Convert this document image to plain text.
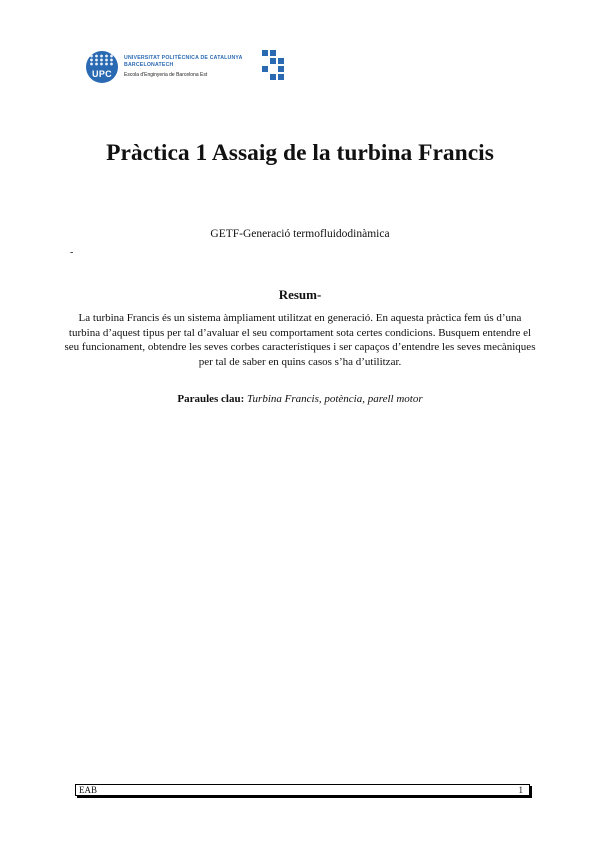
UPC
UNIVERSITAT POLITÈCNICA DE CATALUNYA
BARCELONATECH
Escola d'Enginyeria de Barcelona Est
Pràctica 1 Assaig de la turbina Francis
GETF-Generació termofluidodinàmica
-
Resum-
La turbina Francis és un sistema àmpliament utilitzat en generació. En aquesta pràctica fem ús d’una turbina d’aquest tipus per tal d’avaluar el seu comportament sota certes condicions. Busquem entendre el seu funcionament, obtendre les seves corbes característiques i ser capaços d’entendre les seves mecàniques per tal de saber en quins casos s’ha d’utilitzar.
Paraules clau: Turbina Francis, potència, parell motor
EAB	1
